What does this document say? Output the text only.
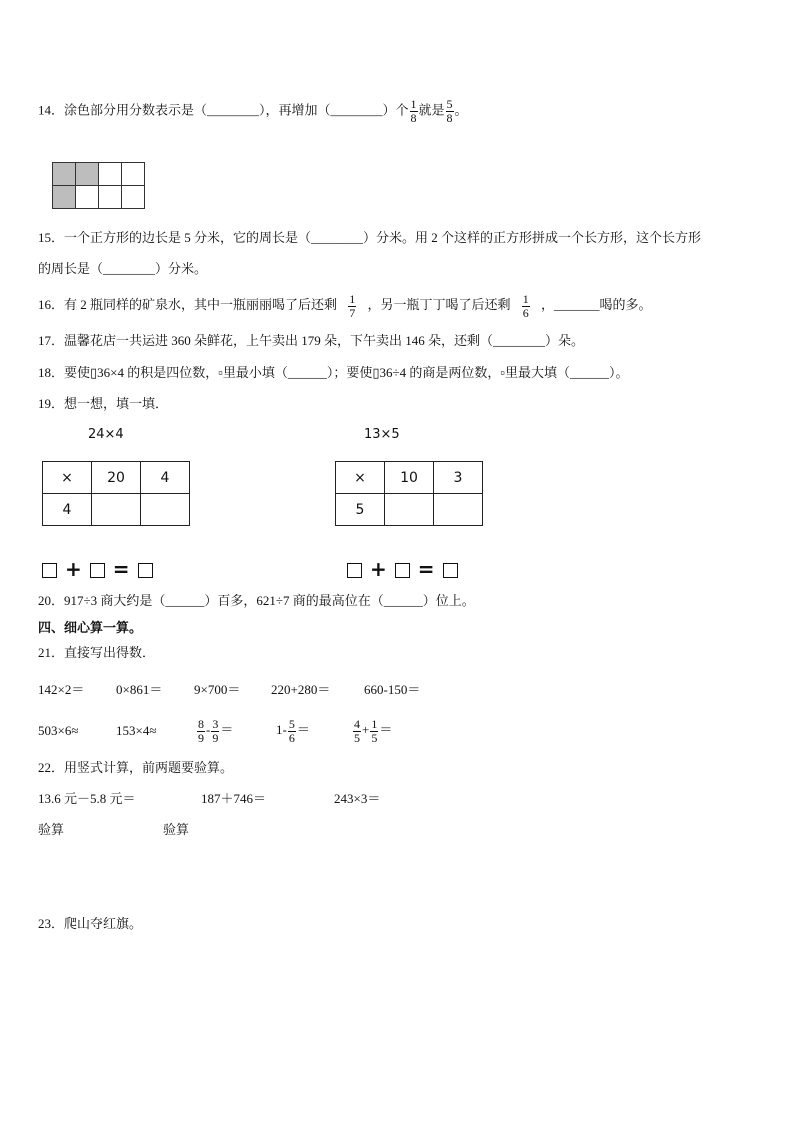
14．涂色部分用分数表示是（________），再增加（________）个 $\frac{1}{8}$ 就是 $\frac{5}{8}$ 。

15．一个正方形的边长是 5 分米，它的周长是（________）分米。用 2 个这样的正方形拼成一个长方形，这个长方形
的周长是（________）分米。
16．有 2 瓶同样的矿泉水，其中一瓶丽丽喝了后还剩 $\frac{1}{7}$ ，另一瓶丁丁喝了后还剩 $\frac{1}{6}$ ，_______喝的多。
17．温馨花店一共运进 360 朵鲜花，上午卖出 179 朵，下午卖出 146 朵，还剩（________）朵。
18．要使▯36×4 的积是四位数，▫里最小填（______）；要使▯36÷4 的商是两位数，▫里最大填（______）。
19．想一想，填一填．
24×4	13×5
×	20	4
4		
×	10	3
5		
+ =	+ =
20．917÷3 商大约是（______）百多，621÷7 商的最高位在（______）位上。
四、细心算一算。
21．直接写出得数．
142×2＝ 0×861＝ 9×700＝ 220+280＝	660-150＝
503×6≈	153×4≈	$\frac{8}{9} - \frac{3}{9}$ ＝	$1- \frac{5}{6}$ ＝	$\frac{4}{5} + \frac{1}{5}$ ＝
22．用竖式计算，前两题要验算。
13.6 元－5.8 元＝	187＋746＝	243×3＝
验算	验算
23．爬山夺红旗。
